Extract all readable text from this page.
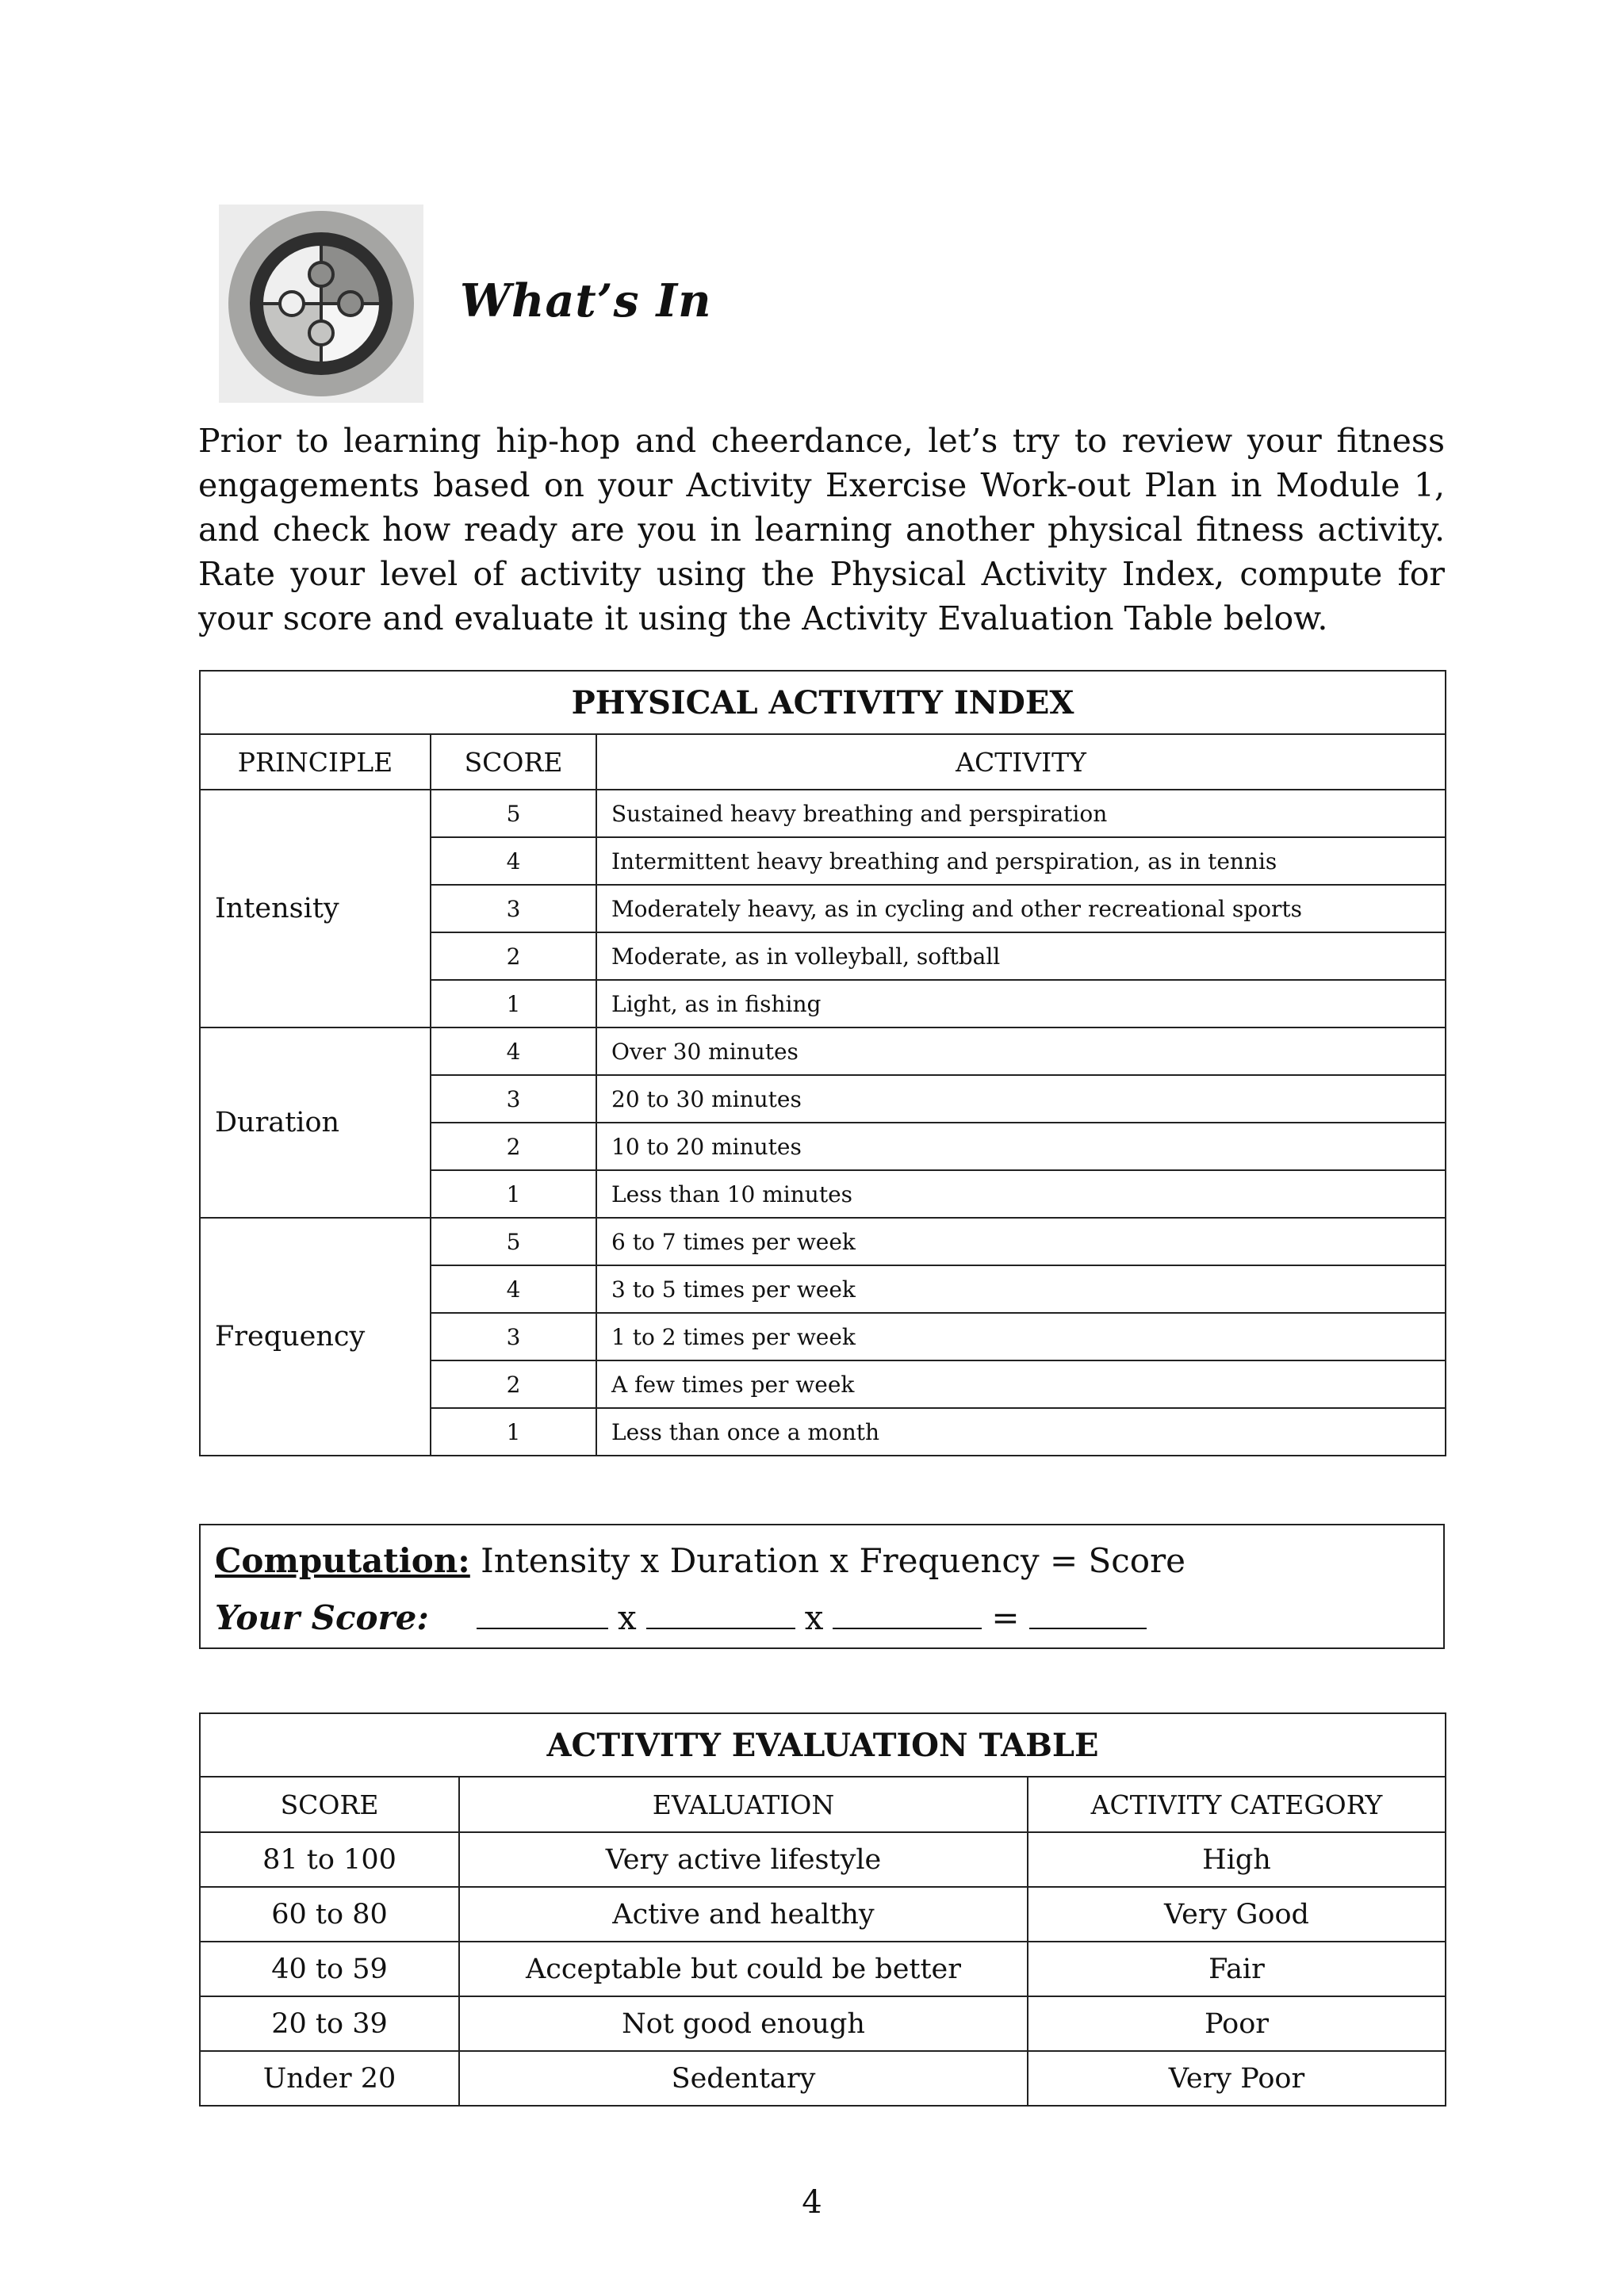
What’s In

Prior to learning hip-hop and cheerdance, let’s try to review your fitness engagements based on your Activity Exercise Work-out Plan in Module 1, and check how ready are you in learning another physical fitness activity. Rate your level of activity using the Physical Activity Index, compute for your score and evaluate it using the Activity Evaluation Table below.

PHYSICAL ACTIVITY INDEX		
PRINCIPLE	SCORE	ACTIVITY
Intensity	5	Sustained heavy breathing and perspiration
	4	Intermittent heavy breathing and perspiration, as in tennis
	3	Moderately heavy, as in cycling and other recreational sports
	2	Moderate, as in volleyball, softball
	1	Light, as in fishing
Duration	4	Over 30 minutes
	3	20 to 30 minutes
	2	10 to 20 minutes
	1	Less than 10 minutes
Frequency	5	6 to 7 times per week
	4	3 to 5 times per week
	3	1 to 2 times per week
	2	A few times per week
	1	Less than once a month
Computation: Intensity x Duration x Frequency = Score
Your Score:	x	x	=
ACTIVITY EVALUATION TABLE		
SCORE	EVALUATION	ACTIVITY CATEGORY
81 to 100	Very active lifestyle	High
60 to 80	Active and healthy	Very Good
40 to 59	Acceptable but could be better	Fair
20 to 39	Not good enough	Poor
Under 20	Sedentary	Very Poor
4
